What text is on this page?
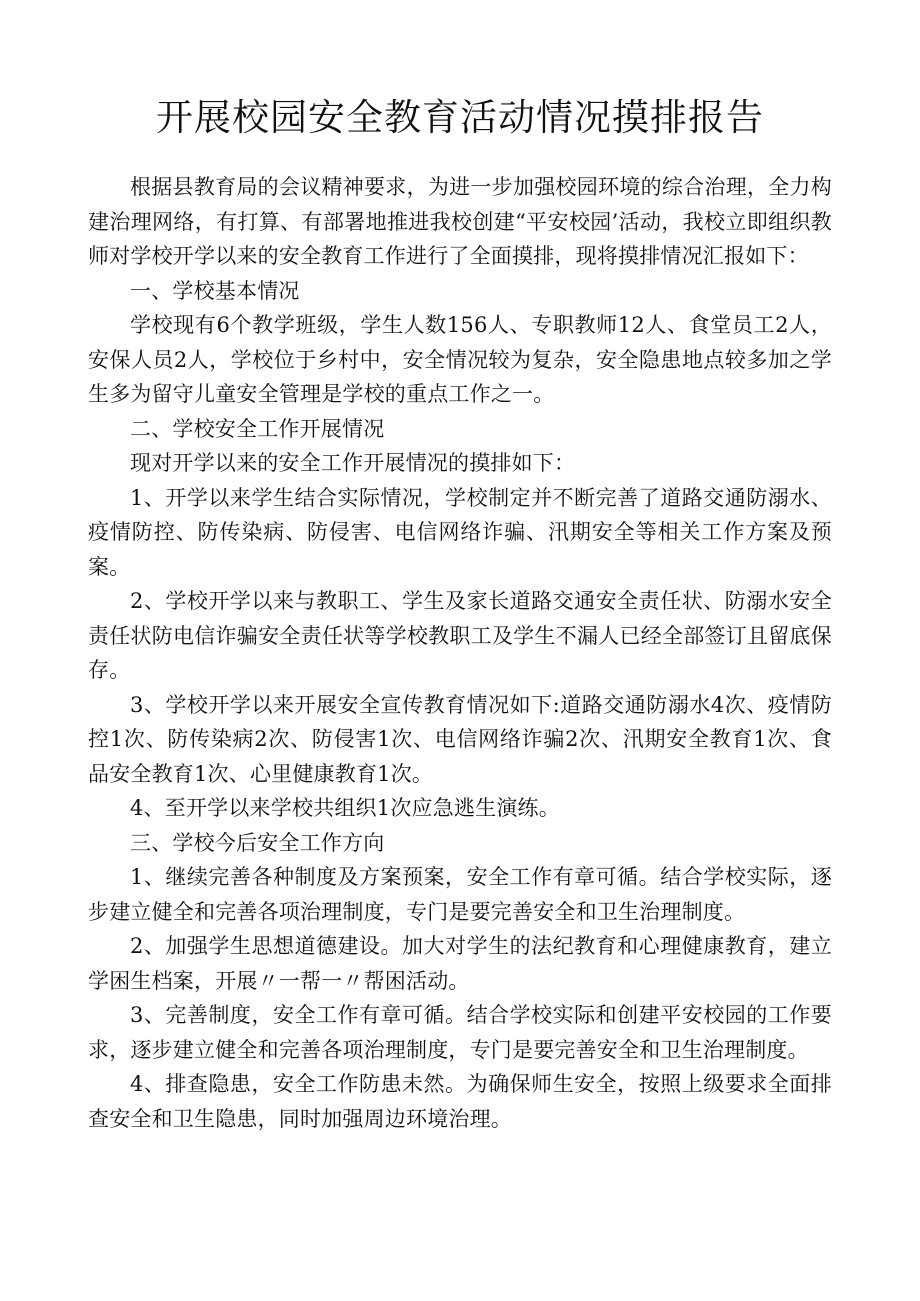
开展校园安全教育活动情况摸排报告

根据县教育局的会议精神要求，为进一步加强校园环境的综合治理，全力构建治理网络，有打算、有部署地推进我校创建“平安校园’活动，我校立即组织教师对学校开学以来的安全教育工作进行了全面摸排，现将摸排情况汇报如下：

一、学校基本情况

学校现有6个教学班级，学生人数156人、专职教师12人、食堂员工2人，安保人员2人，学校位于乡村中，安全情况较为复杂，安全隐患地点较多加之学生多为留守儿童安全管理是学校的重点工作之一。

二、学校安全工作开展情况

现对开学以来的安全工作开展情况的摸排如下：

1、开学以来学生结合实际情况，学校制定并不断完善了道路交通防溺水、疫情防控、防传染病、防侵害、电信网络诈骗、汛期安全等相关工作方案及预案。

2、学校开学以来与教职工、学生及家长道路交通安全责任状、防溺水安全责任状防电信诈骗安全责任状等学校教职工及学生不漏人已经全部签订且留底保存。

3、学校开学以来开展安全宣传教育情况如下:道路交通防溺水4次、疫情防控1次、防传染病2次、防侵害1次、电信网络诈骗2次、汛期安全教育1次、食品安全教育1次、心里健康教育1次。

4、至开学以来学校共组织1次应急逃生演练。

三、学校今后安全工作方向

1、继续完善各种制度及方案预案，安全工作有章可循。结合学校实际，逐步建立健全和完善各项治理制度，专门是要完善安全和卫生治理制度。

2、加强学生思想道德建设。加大对学生的法纪教育和心理健康教育，建立学困生档案，开展〃一帮一〃帮困活动。

3、完善制度，安全工作有章可循。结合学校实际和创建平安校园的工作要求，逐步建立健全和完善各项治理制度，专门是要完善安全和卫生治理制度。

4、排查隐患，安全工作防患未然。为确保师生安全，按照上级要求全面排查安全和卫生隐患，同时加强周边环境治理。
